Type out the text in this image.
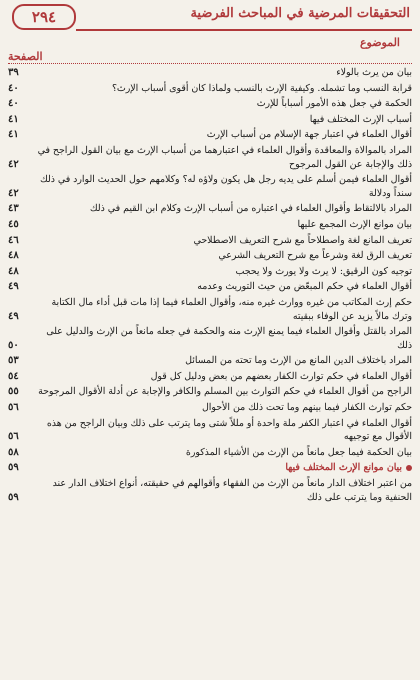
٢٩٤	التحقيقات المرضية في المباحث الفرضية
الموضوع
الصفحة
بيان من يرث بالولاء
٣٩
قرابة النسب وما تشمله. وكيفية الإرث بالنسب ولماذا كان أقوى أسباب الإرث؟
٤٠
الحكمة في جعل هذه الأمور أسباباً للإرث
٤٠
أسباب الإرث المختلف فيها
٤١
أقوال العلماء في اعتبار جهة الإسلام من أسباب الإرث
٤١
المراد بالموالاة والمعاقدة وأقوال العلماء في اعتبارهما من أسباب الإرث مع بيان القول الراجح في ذلك والإجابة عن القول المرجوح
٤٢
أقوال العلماء فيمن أسلم على يديه رجل هل يكون ولاؤه له؟ وكلامهم حول الحديث الوارد في ذلك سنداً ودلالة
٤٢
المراد بالالتقاط وأقوال العلماء في اعتباره من أسباب الإرث وكلام ابن القيم في ذلك
٤٣
بيان موانع الإرث المجمع عليها
٤٥
تعريف المانع لغة واصطلاحاً مع شرح التعريف الاصطلاحي
٤٦
تعريف الرق لغة وشرعاً مع شرح التعريف الشرعي
٤٨
توجيه كون الرقيق: لا يرث ولا يورث ولا يحجب
٤٨
أقوال العلماء في حكم المبعّض من حيث التوريث وعدمه
٤٩
حكم إرث المكاتب من غيره ووارث غيره منه، وأقوال العلماء فيما إذا مات قبل أداء مال الكتابة وترك مالاً يزيد عن الوفاء ببقيته
٤٩
المراد بالقتل وأقوال العلماء فيما يمنع الإرث منه والحكمة في جعله مانعاً من الإرث والدليل على ذلك
٥٠
المراد باختلاف الدين المانع من الإرث وما تحته من المسائل
٥٣
أقوال العلماء في حكم توارث الكفار بعضهم من بعض ودليل كل قول
٥٤
الراجح من أقوال العلماء في حكم التوارث بين المسلم والكافر والإجابة عن أدلة الأقوال المرجوحة
٥٥
حكم توارث الكفار فيما بينهم وما تحت ذلك من الأحوال
٥٦
أقوال العلماء في اعتبار الكفر ملة واحدة أو مللاً شتى وما يترتب على ذلك وبيان الراجح من هذه الأقوال مع توجيهه
٥٦
بيان الحكمة فيما جعل مانعاً من الإرث من الأشياء المذكورة
٥٨
بيان موانع الإرث المختلف فيها
٥٩
من اعتبر اختلاف الدار مانعاً من الإرث من الفقهاء وأقوالهم في حقيقته، أنواع اختلاف الدار عند الحنفية وما يترتب على ذلك
٥٩
